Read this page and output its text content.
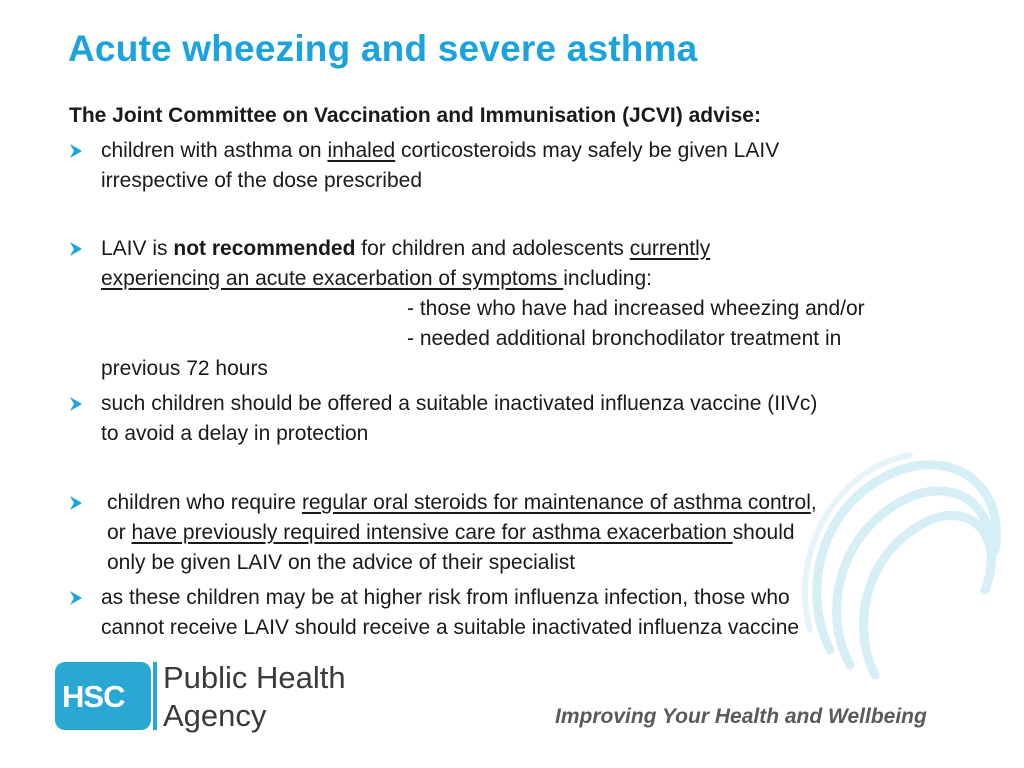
Acute wheezing and severe asthma
The Joint Committee on Vaccination and Immunisation (JCVI) advise:
children with asthma on inhaled corticosteroids may safely be given LAIV
irrespective of the dose prescribed
LAIV is not recommended for children and adolescents currently
experiencing an acute exacerbation of symptoms including:
- those who have had increased wheezing and/or
- needed additional bronchodilator treatment in
previous 72 hours
such children should be offered a suitable inactivated influenza vaccine (IIVc)
to avoid a delay in protection
children who require regular oral steroids for maintenance of asthma control,
or have previously required intensive care for asthma exacerbation should
only be given LAIV on the advice of their specialist
as these children may be at higher risk from influenza infection, those who
cannot receive LAIV should receive a suitable inactivated influenza vaccine
HSC
Public Health
Agency	Improving Your Health and Wellbeing
